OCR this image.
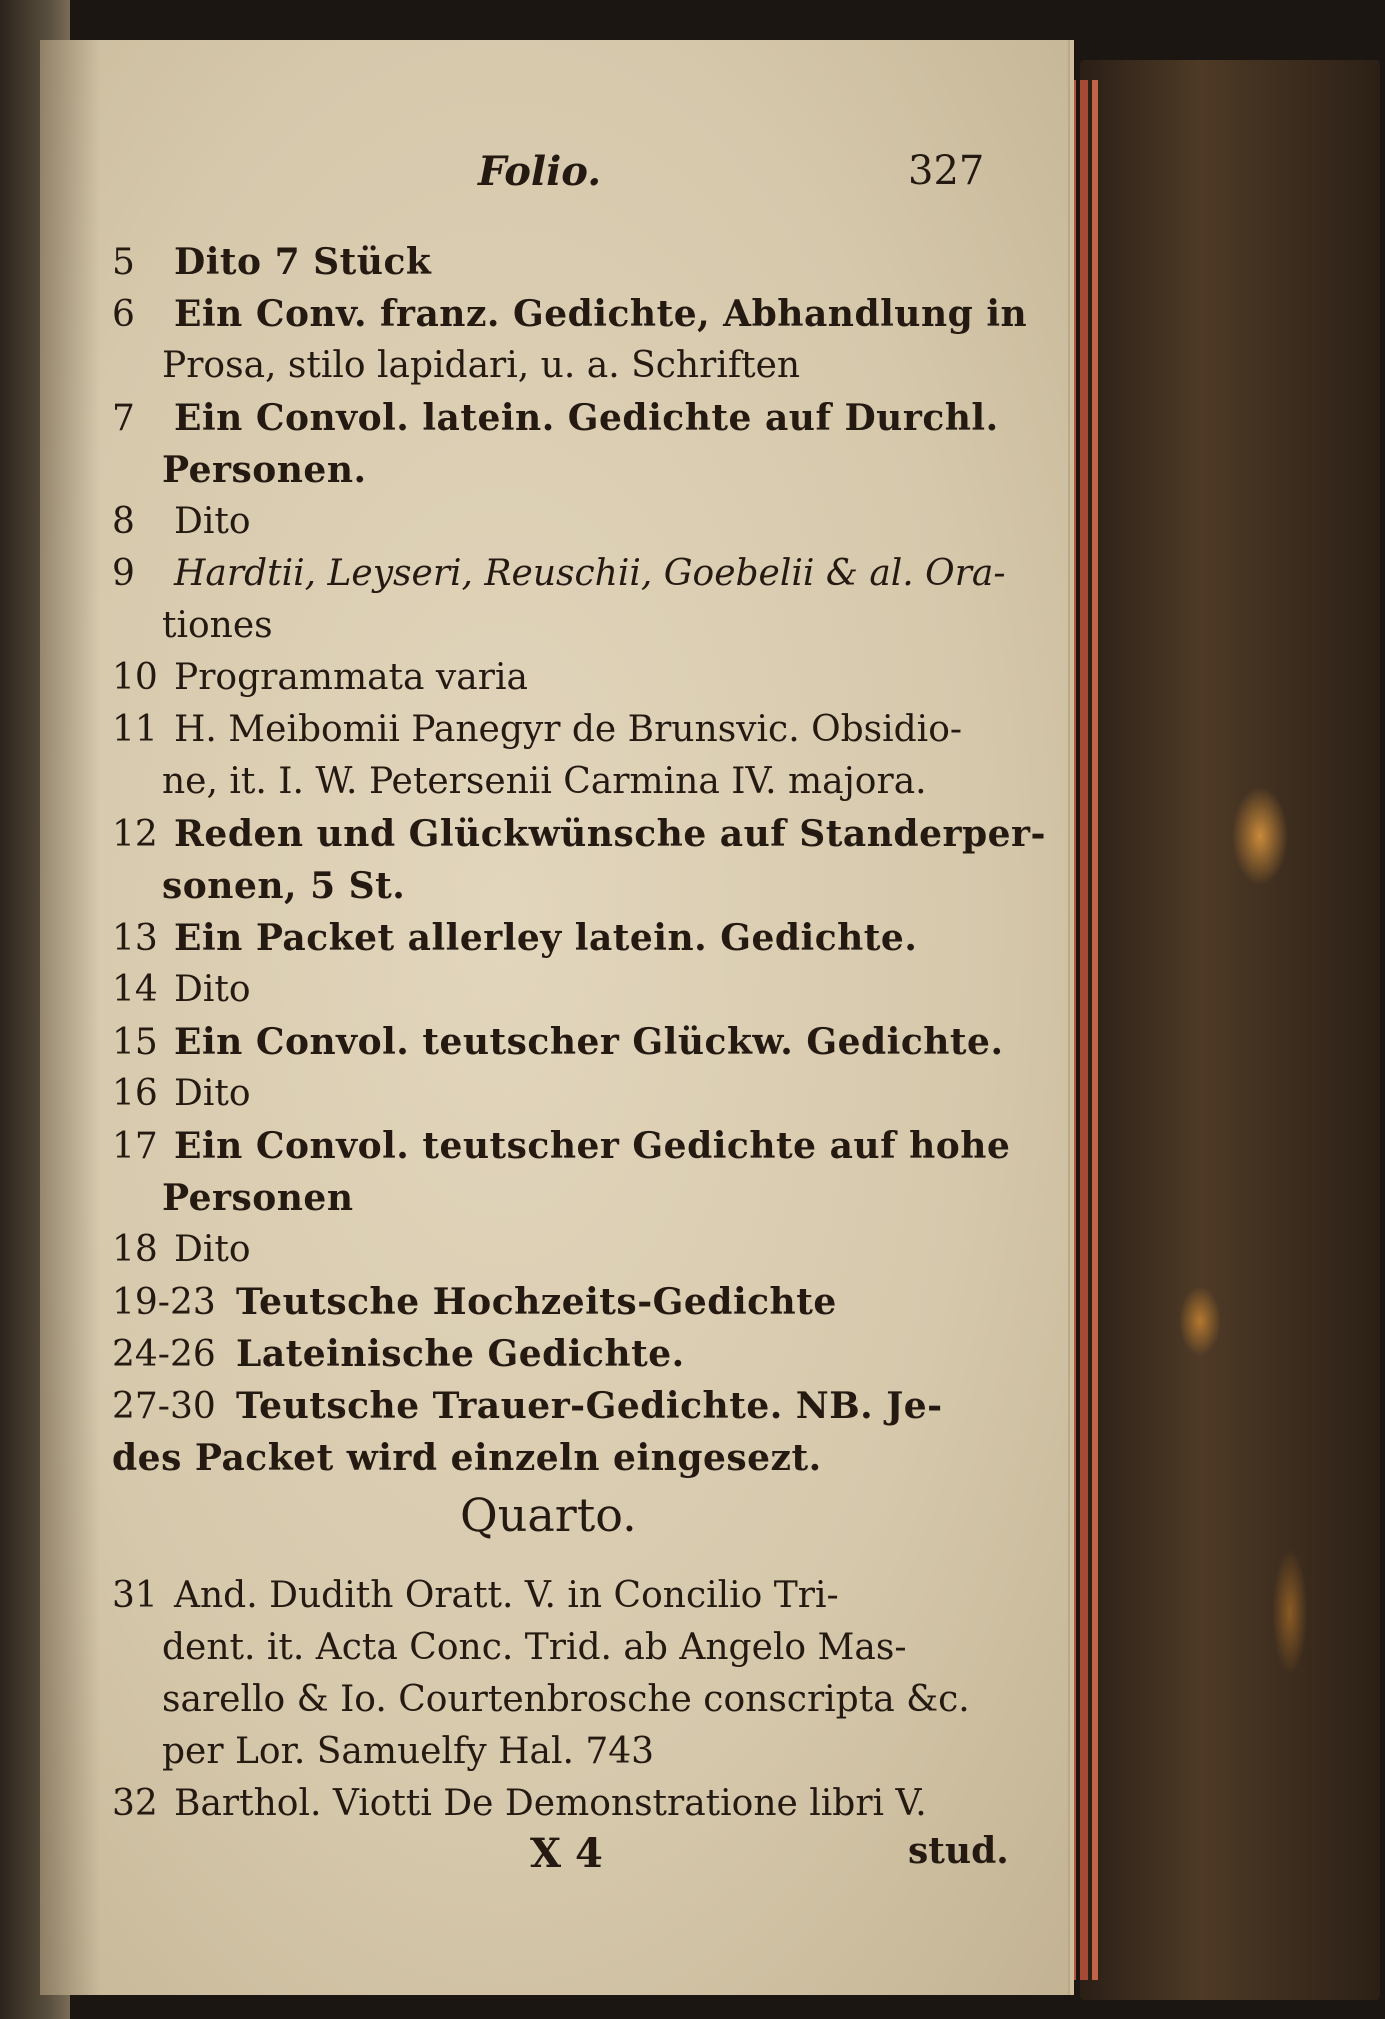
Folio.	327
5 Dito 7 Stück
6 Ein Conv. franz. Gedichte, Abhandlung in
Prosa, stilo lapidari, u. a. Schriften
7 Ein Convol. latein. Gedichte auf Durchl.
Personen.
8 Dito
9 Hardtii, Leyseri, Reuschii, Goebelii & al. Ora-
tiones
10 Programmata varia
11 H. Meibomii Panegyr de Brunsvic. Obsidio-
ne, it. I. W. Petersenii Carmina IV. majora.
12 Reden und Glückwünsche auf Standerper-
sonen, 5 St.
13 Ein Packet allerley latein. Gedichte.
14 Dito
15 Ein Convol. teutscher Glückw. Gedichte.
16 Dito
17 Ein Convol. teutscher Gedichte auf hohe
Personen
18 Dito
19-23 Teutsche Hochzeits-Gedichte
24-26 Lateinische Gedichte.
27-30 Teutsche Trauer-Gedichte. NB. Je-
des Packet wird einzeln eingesezt.
Quarto.
31 And. Dudith Oratt. V. in Concilio Tri-
dent. it. Acta Conc. Trid. ab Angelo Mas-
sarello & Io. Courtenbrosche conscripta &c.
per Lor. Samuelfy Hal. 743
32 Barthol. Viotti De Demonstratione libri V.
X 4	stud.
